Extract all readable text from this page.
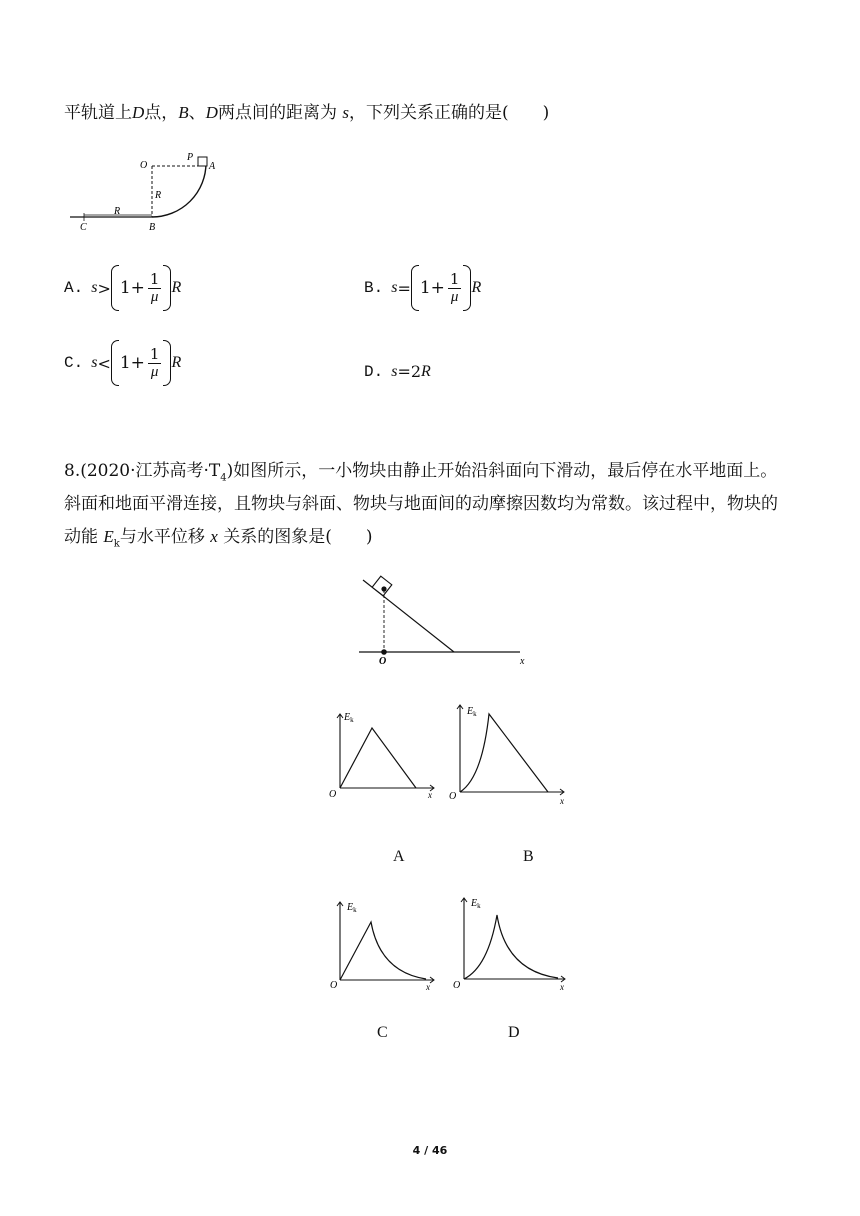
平轨道上D点，B、D两点间的距离为 s，下列关系正确的是(　　)
O
P
A
R
R
C	B
A. $s > 1+ \frac{1}{\mu}$ R	B. $s = 1+ \frac{1}{\mu}$ R
C. $s < 1+ \frac{1}{\mu}$ R	D. s = 2 R
8.(2020·江苏高考$\cdot T_4$)如图所示，一小物块由静止开始沿斜面向下滑动，最后停在水平地面上。
斜面和地面平滑连接，且物块与斜面、物块与地面间的动摩擦因数均为常数。该过程中，物块的
动能 $E_k$与水平位移 x 关系的图象是(　　)
O	x
$E_k$
O	x
A
$E_k$
O	x
B
$E_k$
O	x
C
$E_k$
O	x
D
4 / 46
